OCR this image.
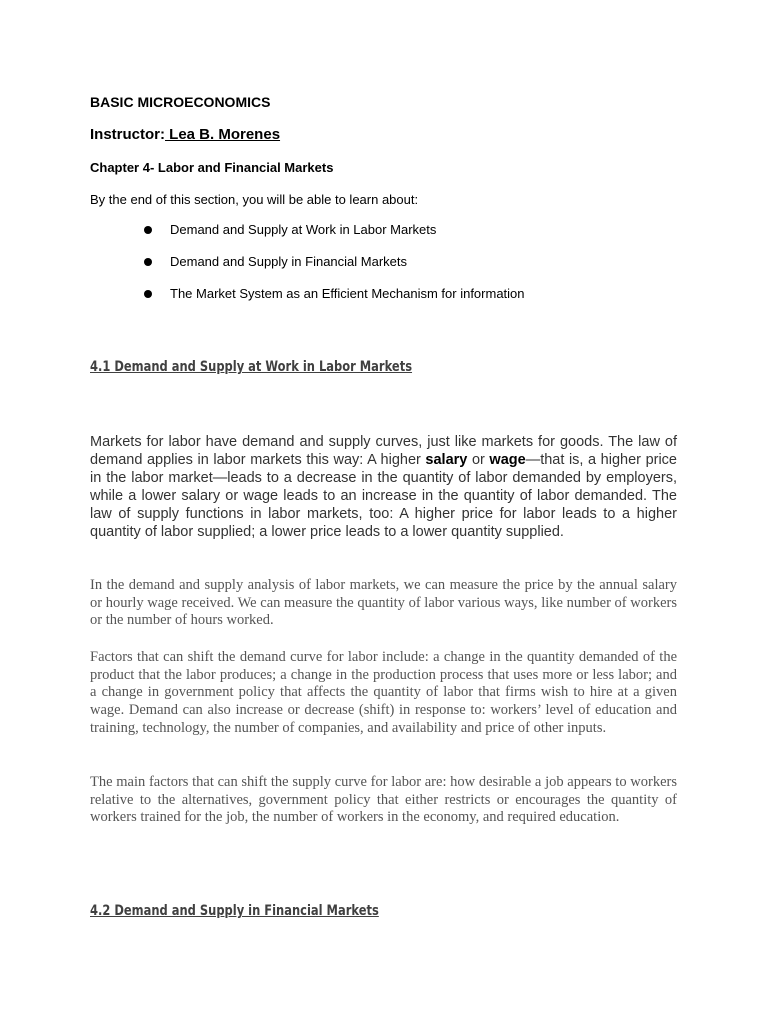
BASIC MICROECONOMICS
Instructor: Lea B. Morenes
Chapter 4- Labor and Financial Markets
By the end of this section, you will be able to learn about:
Demand and Supply at Work in Labor Markets
Demand and Supply in Financial Markets
The Market System as an Efficient Mechanism for information
4.1 Demand and Supply at Work in Labor Markets
Markets for labor have demand and supply curves, just like markets for goods. The law of demand applies in labor markets this way: A higher salary or wage—that is, a higher price in the labor market—leads to a decrease in the quantity of labor demanded by employers, while a lower salary or wage leads to an increase in the quantity of labor demanded. The law of supply functions in labor markets, too: A higher price for labor leads to a higher quantity of labor supplied; a lower price leads to a lower quantity supplied.
In the demand and supply analysis of labor markets, we can measure the price by the annual salary or hourly wage received. We can measure the quantity of labor various ways, like number of workers or the number of hours worked.
Factors that can shift the demand curve for labor include: a change in the quantity demanded of the product that the labor produces; a change in the production process that uses more or less labor; and a change in government policy that affects the quantity of labor that firms wish to hire at a given wage. Demand can also increase or decrease (shift) in response to: workers’ level of education and training, technology, the number of companies, and availability and price of other inputs.
The main factors that can shift the supply curve for labor are: how desirable a job appears to workers relative to the alternatives, government policy that either restricts or encourages the quantity of workers trained for the job, the number of workers in the economy, and required education.
4.2 Demand and Supply in Financial Markets
